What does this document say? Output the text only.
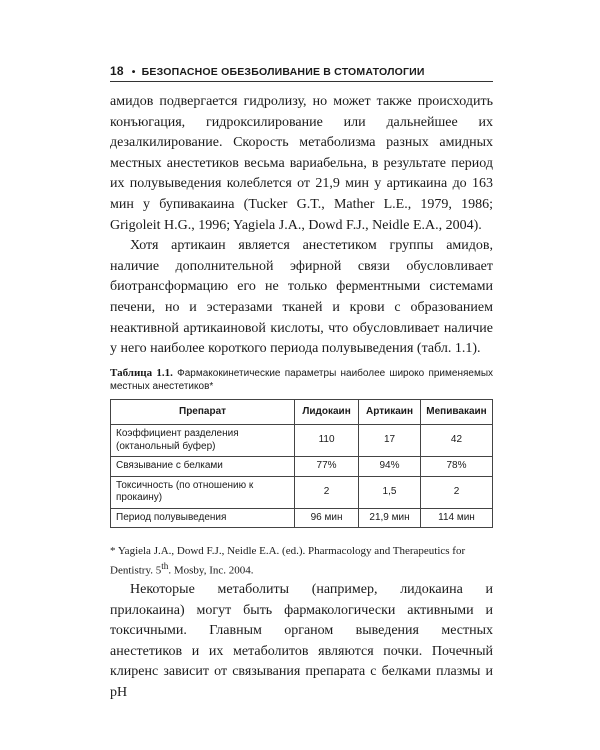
18 • БЕЗОПАСНОЕ ОБЕЗБОЛИВАНИЕ В СТОМАТОЛОГИИ

амидов подвергается гидролизу, но может также происходить конъюгация, гидроксилирование или дальнейшее их дезалкилирование. Скорость метаболизма разных амидных местных анестетиков весьма вариабельна, в результате период их полувыведения колеблется от 21,9 мин у артикаина до 163 мин у бупивакаина (Tucker G.T., Mather L.E., 1979, 1986; Grigoleit H.G., 1996; Yagiela J.A., Dowd F.J., Neidle E.A., 2004).

Хотя артикаин является анестетиком группы амидов, наличие дополнительной эфирной связи обусловливает биотрансформацию его не только ферментными системами печени, но и эстеразами тканей и крови с образованием неактивной артикаиновой кислоты, что обусловливает наличие у него наиболее короткого периода полувыведения (табл. 1.1).

Таблица 1.1. Фармакокинетические параметры наиболее широко применяемых местных анестетиков*
Препарат	Лидокаин	Артикаин	Мепивакаин
Коэффициент разделения (октанольный буфер)	110	17	42
Связывание с белками	77%	94%	78%
Токсичность (по отношению к прокаину)	2	1,5	2
Период полувыведения	96 мин	21,9 мин	114 мин
* Yagiela J.A., Dowd F.J., Neidle E.A. (ed.). Pharmacology and Therapeutics for Dentistry. 5th. Mosby, Inc. 2004.

Некоторые метаболиты (например, лидокаина и прилокаина) могут быть фармакологически активными и токсичными. Главным органом выведения местных анестетиков и их метаболитов являются почки. Почечный клиренс зависит от связывания препарата с белками плазмы и pH
